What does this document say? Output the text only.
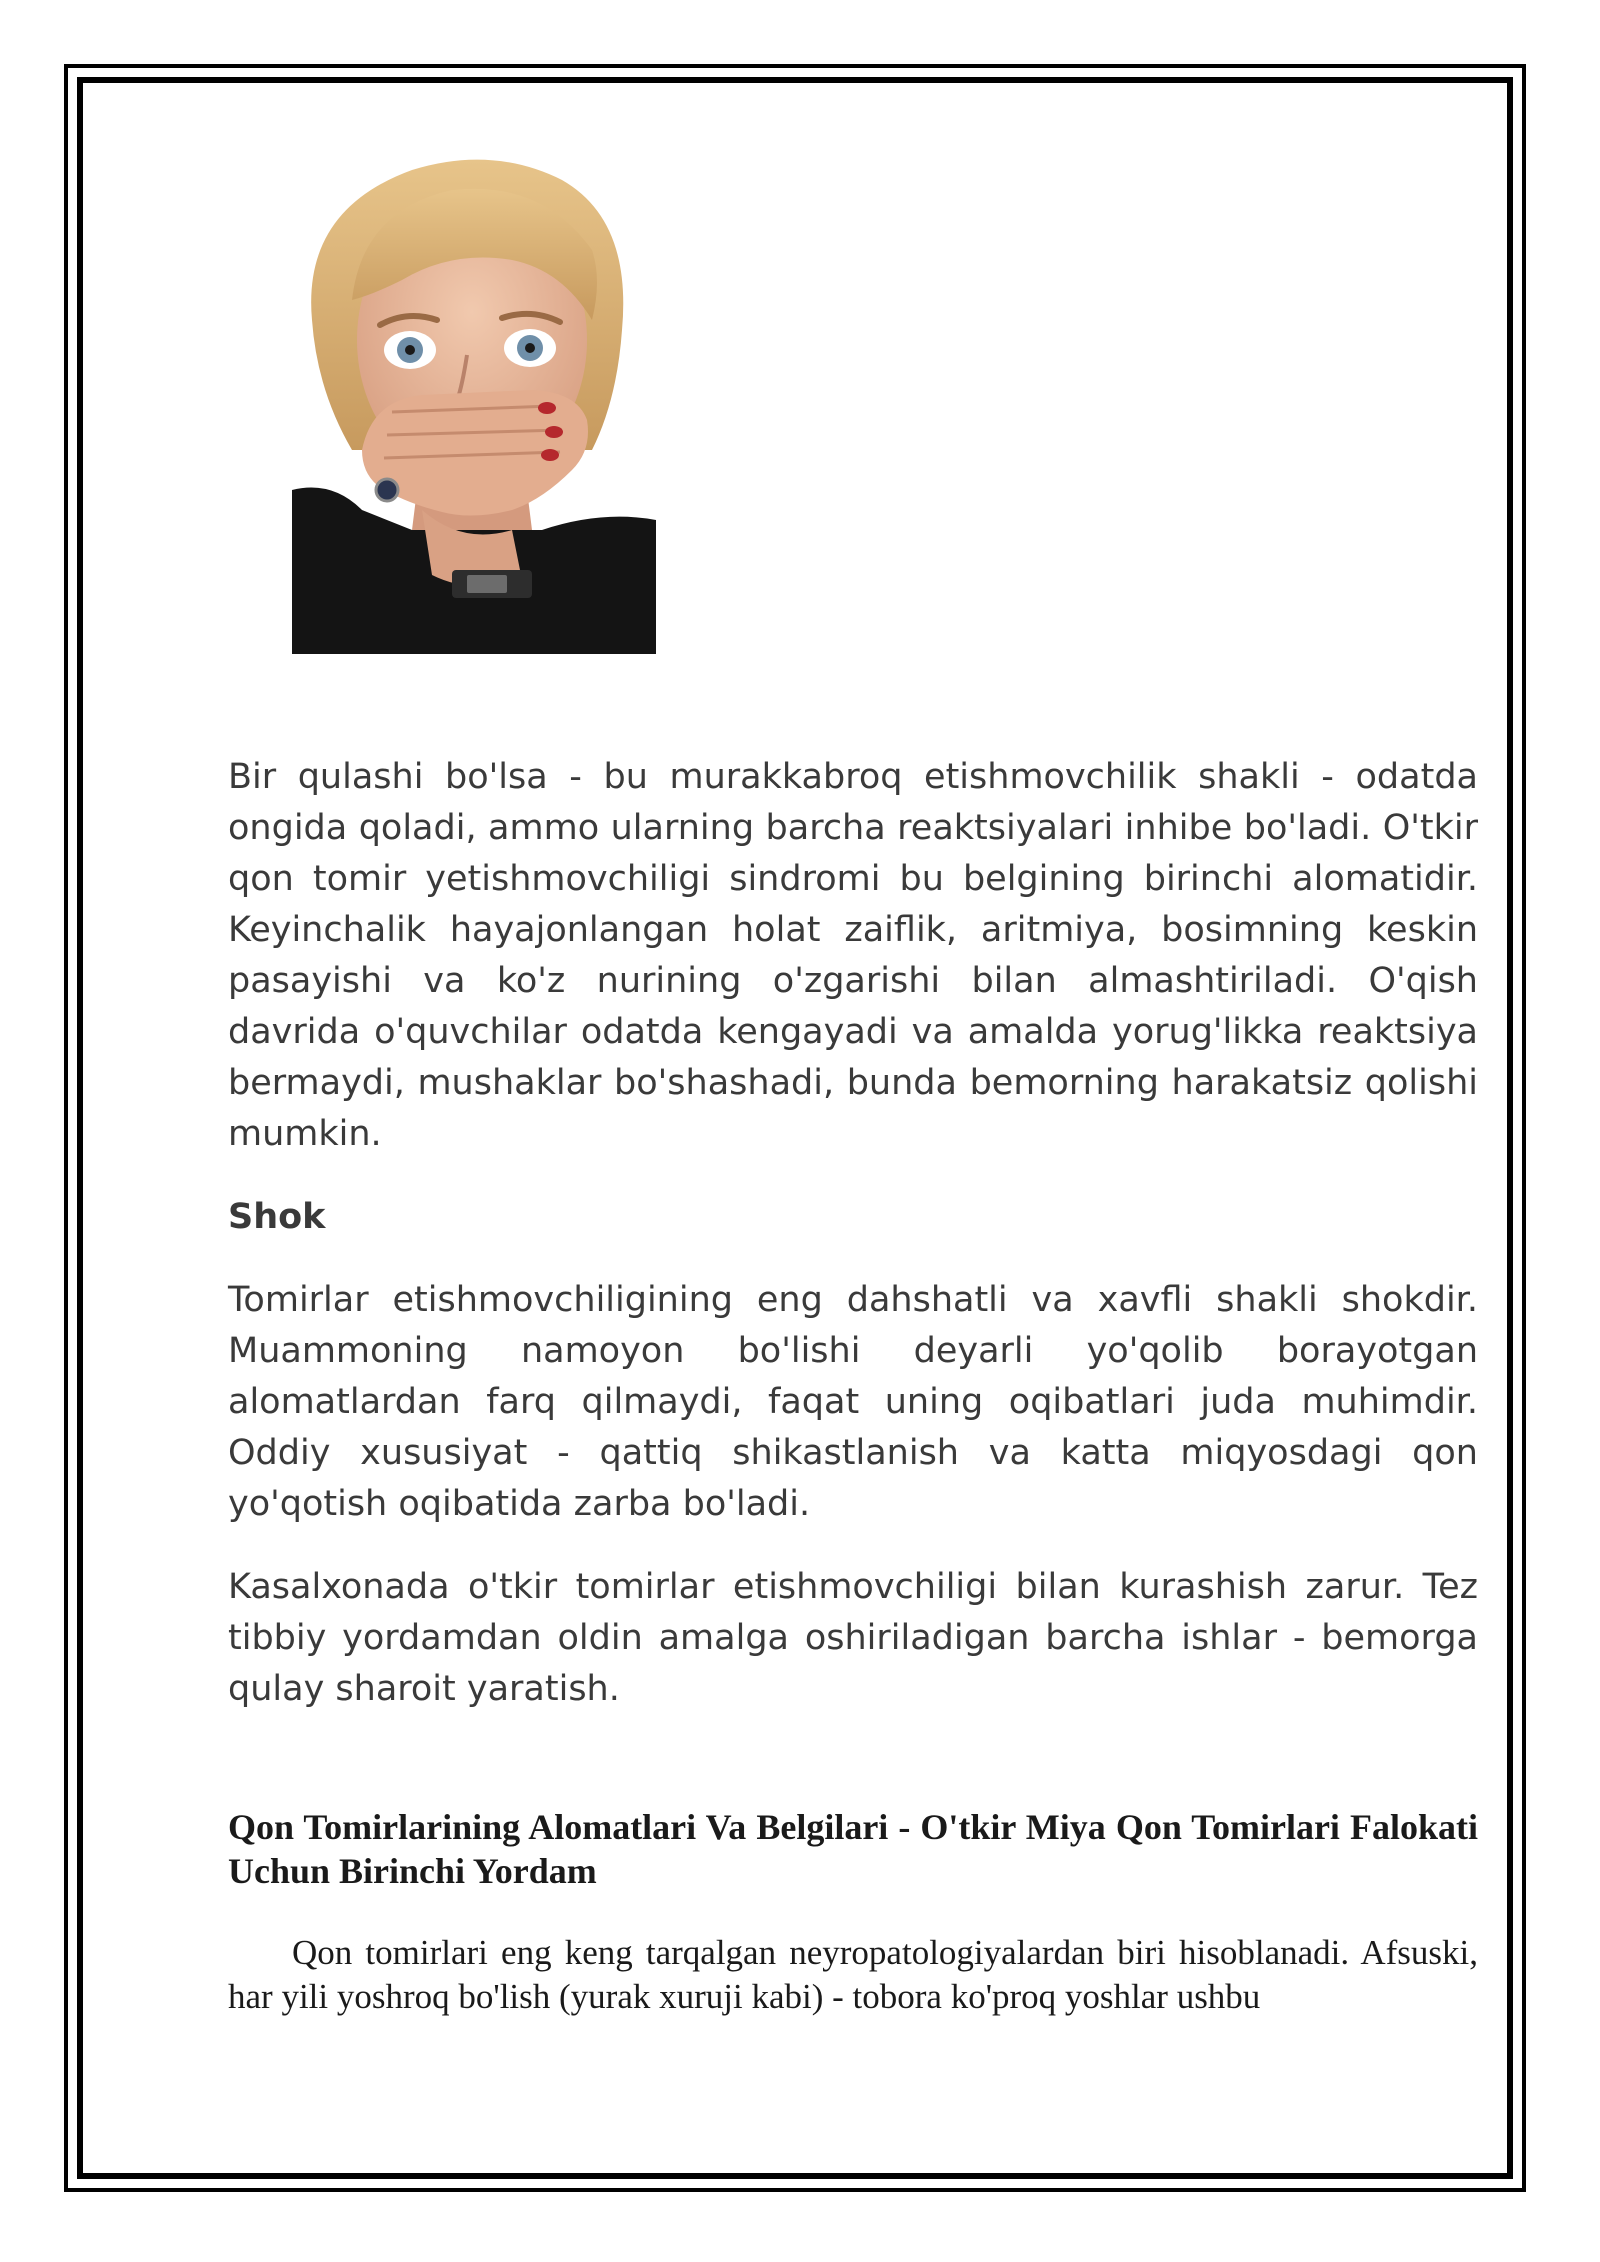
Bir qulashi bo'lsa - bu murakkabroq etishmovchilik shakli - odatda ongida qoladi, ammo ularning barcha reaktsiyalari inhibe bo'ladi. O'tkir qon tomir yetishmovchiligi sindromi bu belgining birinchi alomatidir. Keyinchalik hayajonlangan holat zaiflik, aritmiya, bosimning keskin pasayishi va ko'z nurining o'zgarishi bilan almashtiriladi. O'qish davrida o'quvchilar odatda kengayadi va amalda yorug'likka reaktsiya bermaydi, mushaklar bo'shashadi, bunda bemorning harakatsiz qolishi mumkin.

Shok

Tomirlar etishmovchiligining eng dahshatli va xavfli shakli shokdir. Muammoning namoyon bo'lishi deyarli yo'qolib borayotgan alomatlardan farq qilmaydi, faqat uning oqibatlari juda muhimdir. Oddiy xususiyat - qattiq shikastlanish va katta miqyosdagi qon yo'qotish oqibatida zarba bo'ladi.

Kasalxonada o'tkir tomirlar etishmovchiligi bilan kurashish zarur. Tez tibbiy yordamdan oldin amalga oshiriladigan barcha ishlar - bemorga qulay sharoit yaratish.

Qon Tomirlarining Alomatlari Va Belgilari - O'tkir Miya Qon Tomirlari Falokati Uchun Birinchi Yordam

Qon tomirlari eng keng tarqalgan neyropatologiyalardan biri hisoblanadi. Afsuski, har yili yoshroq bo'lish (yurak xuruji kabi) - tobora ko'proq yoshlar ushbu
